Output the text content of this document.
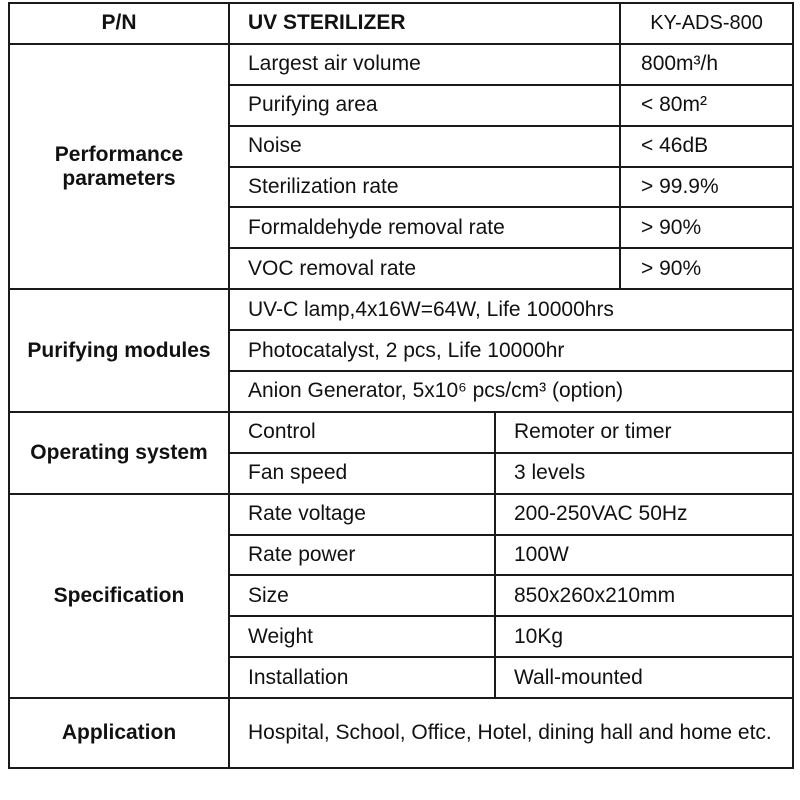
P/N	UV STERILIZER		KY-ADS-800
Performance parameters	Largest air volume		800m³/h
	Purifying area		< 80m²
	Noise		< 46dB
	Sterilization rate		> 99.9%
	Formaldehyde removal rate		> 90%
	VOC removal rate		> 90%
Purifying modules	UV-C lamp,4x16W=64W, Life 10000hrs		
	Photocatalyst, 2 pcs, Life 10000hr		
	Anion Generator, 5x10⁶ pcs/cm³ (option)		
Operating system	Control	Remoter or timer	
	Fan speed	3 levels	
Specification	Rate voltage	200-250VAC 50Hz	
	Rate power	100W	
	Size	850x260x210mm	
	Weight	10Kg	
	Installation	Wall-mounted	
Application	Hospital, School, Office, Hotel, dining hall and home etc.		
